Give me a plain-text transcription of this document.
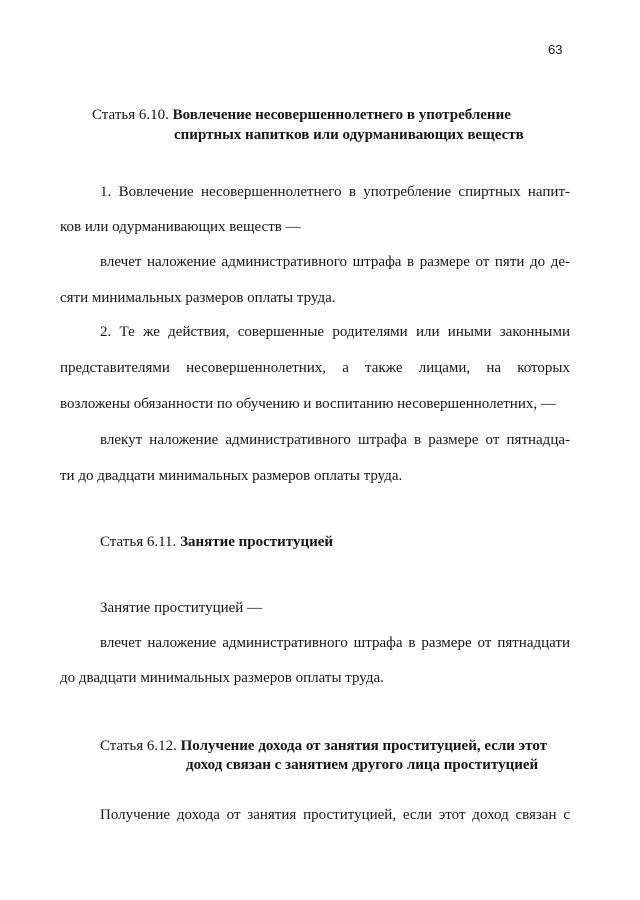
63
Статья 6.10. Вовлечение несовершеннолетнего в употребление
спиртных напитков или одурманивающих веществ
1. Вовлечение несовершеннолетнего в употребление спиртных напит-
ков или одурманивающих веществ —
влечет наложение административного штрафа в размере от пяти до де-
сяти минимальных размеров оплаты труда.
2. Те же действия, совершенные родителями или иными законными
представителями несовершеннолетних, а также лицами, на которых
возложены обязанности по обучению и воспитанию несовершеннолетних, —
влекут наложение административного штрафа в размере от пятнадца-
ти до двадцати минимальных размеров оплаты труда.
Статья 6.11. Занятие проституцией
Занятие проституцией —
влечет наложение административного штрафа в размере от пятнадцати
до двадцати минимальных размеров оплаты труда.
Статья 6.12. Получение дохода от занятия проституцией, если этот
доход связан с занятием другого лица проституцией
Получение дохода от занятия проституцией, если этот доход связан с
